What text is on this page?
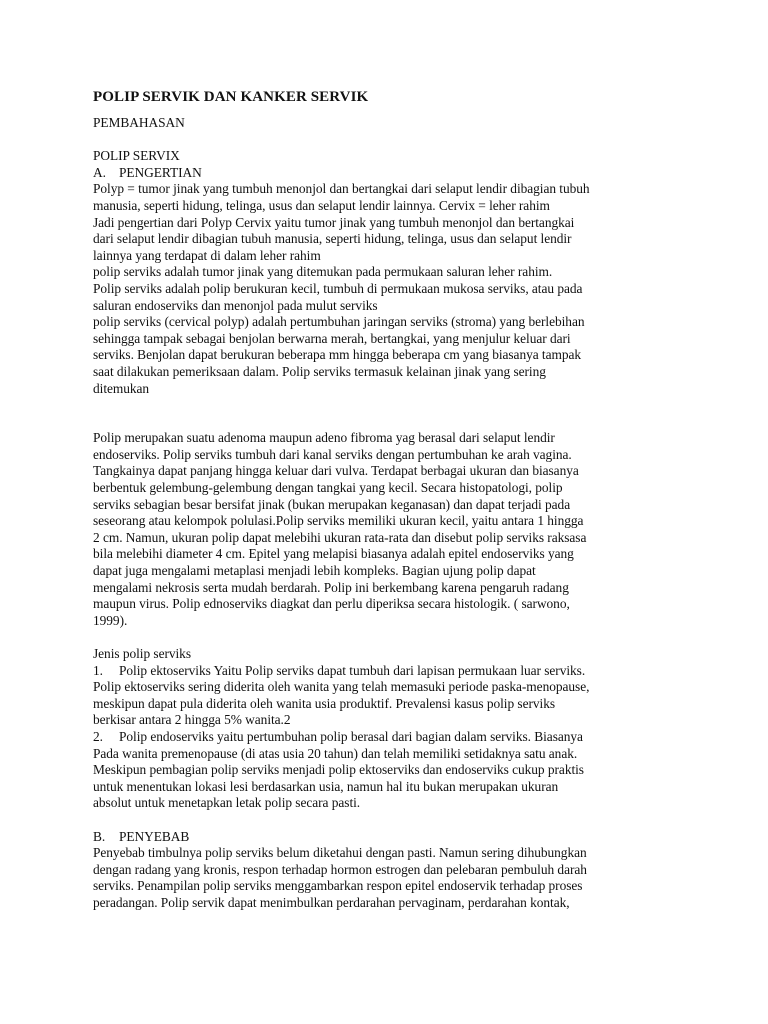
POLIP SERVIK DAN KANKER SERVIK
PEMBAHASAN
POLIP SERVIX
A. PENGERTIAN
Polyp = tumor jinak yang tumbuh menonjol dan bertangkai dari selaput lendir dibagian tubuh
manusia, seperti hidung, telinga, usus dan selaput lendir lainnya. Cervix = leher rahim
Jadi pengertian dari Polyp Cervix yaitu tumor jinak yang tumbuh menonjol dan bertangkai
dari selaput lendir dibagian tubuh manusia, seperti hidung, telinga, usus dan selaput lendir
lainnya yang terdapat di dalam leher rahim
polip serviks adalah tumor jinak yang ditemukan pada permukaan saluran leher rahim.
Polip serviks adalah polip berukuran kecil, tumbuh di permukaan mukosa serviks, atau pada
saluran endoserviks dan menonjol pada mulut serviks
polip serviks (cervical polyp) adalah pertumbuhan jaringan serviks (stroma) yang berlebihan
sehingga tampak sebagai benjolan berwarna merah, bertangkai, yang menjulur keluar dari
serviks. Benjolan dapat berukuran beberapa mm hingga beberapa cm yang biasanya tampak
saat dilakukan pemeriksaan dalam. Polip serviks termasuk kelainan jinak yang sering
ditemukan
Polip merupakan suatu adenoma maupun adeno fibroma yag berasal dari selaput lendir
endoserviks. Polip serviks tumbuh dari kanal serviks dengan pertumbuhan ke arah vagina.
Tangkainya dapat panjang hingga keluar dari vulva. Terdapat berbagai ukuran dan biasanya
berbentuk gelembung-gelembung dengan tangkai yang kecil. Secara histopatologi, polip
serviks sebagian besar bersifat jinak (bukan merupakan keganasan) dan dapat terjadi pada
seseorang atau kelompok polulasi.Polip serviks memiliki ukuran kecil, yaitu antara 1 hingga
2 cm. Namun, ukuran polip dapat melebihi ukuran rata-rata dan disebut polip serviks raksasa
bila melebihi diameter 4 cm. Epitel yang melapisi biasanya adalah epitel endoserviks yang
dapat juga mengalami metaplasi menjadi lebih kompleks. Bagian ujung polip dapat
mengalami nekrosis serta mudah berdarah. Polip ini berkembang karena pengaruh radang
maupun virus. Polip ednoserviks diagkat dan perlu diperiksa secara histologik. ( sarwono,
1999).
Jenis polip serviks
1. Polip ektoserviks Yaitu Polip serviks dapat tumbuh dari lapisan permukaan luar serviks.
Polip ektoserviks sering diderita oleh wanita yang telah memasuki periode paska-menopause,
meskipun dapat pula diderita oleh wanita usia produktif. Prevalensi kasus polip serviks
berkisar antara 2 hingga 5% wanita.2
2. Polip endoserviks yaitu pertumbuhan polip berasal dari bagian dalam serviks. Biasanya
Pada wanita premenopause (di atas usia 20 tahun) dan telah memiliki setidaknya satu anak.
Meskipun pembagian polip serviks menjadi polip ektoserviks dan endoserviks cukup praktis
untuk menentukan lokasi lesi berdasarkan usia, namun hal itu bukan merupakan ukuran
absolut untuk menetapkan letak polip secara pasti.
B. PENYEBAB
Penyebab timbulnya polip serviks belum diketahui dengan pasti. Namun sering dihubungkan
dengan radang yang kronis, respon terhadap hormon estrogen dan pelebaran pembuluh darah
serviks. Penampilan polip serviks menggambarkan respon epitel endoservik terhadap proses
peradangan. Polip servik dapat menimbulkan perdarahan pervaginam, perdarahan kontak,
